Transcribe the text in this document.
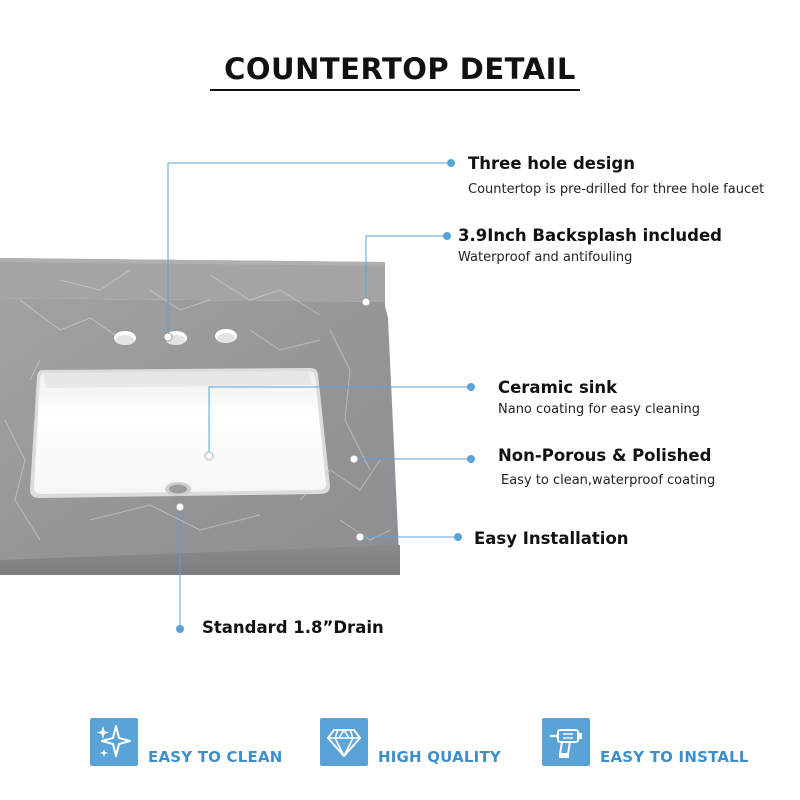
COUNTERTOP DETAIL
Three hole design
Countertop is pre-drilled for three hole faucet
3.9Inch Backsplash included
Waterproof and antifouling
Ceramic sink
Nano coating for easy cleaning
Non-Porous & Polished
Easy to clean,waterproof coating
Easy Installation
Standard 1.8”Drain
EASY TO CLEAN	HIGH QUALITY	EASY TO INSTALL
